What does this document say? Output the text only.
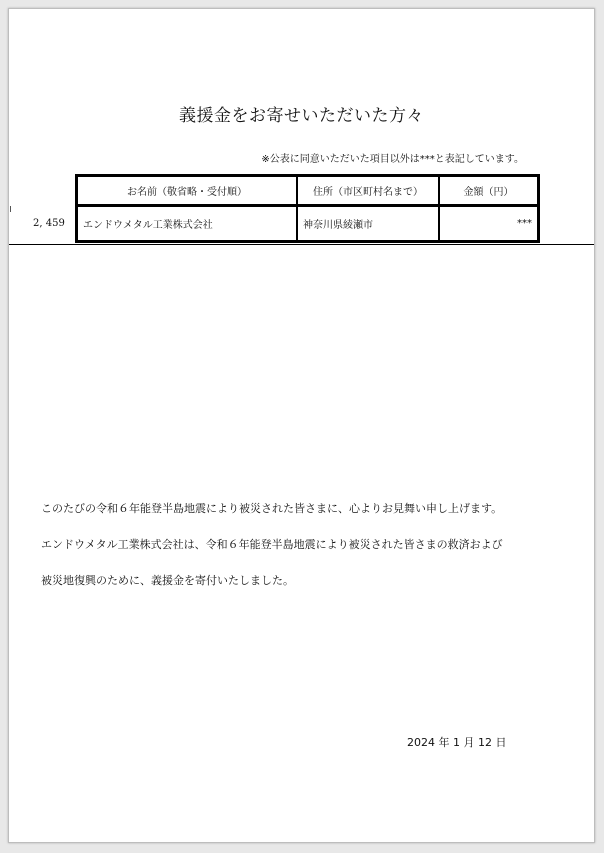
義援金をお寄せいただいた方々
※公表に同意いただいた項目以外は***と表記しています。
2, 459
お名前（敬省略・受付順）	住所（市区町村名まで）	金額（円）
エンドウメタル工業株式会社	神奈川県綾瀬市	***
このたびの令和６年能登半島地震により被災された皆さまに、心よりお見舞い申し上げます。
エンドウメタル工業株式会社は、令和６年能登半島地震により被災された皆さまの救済および
被災地復興のために、義援金を寄付いたしました。
2024 年 1 月 12 日
